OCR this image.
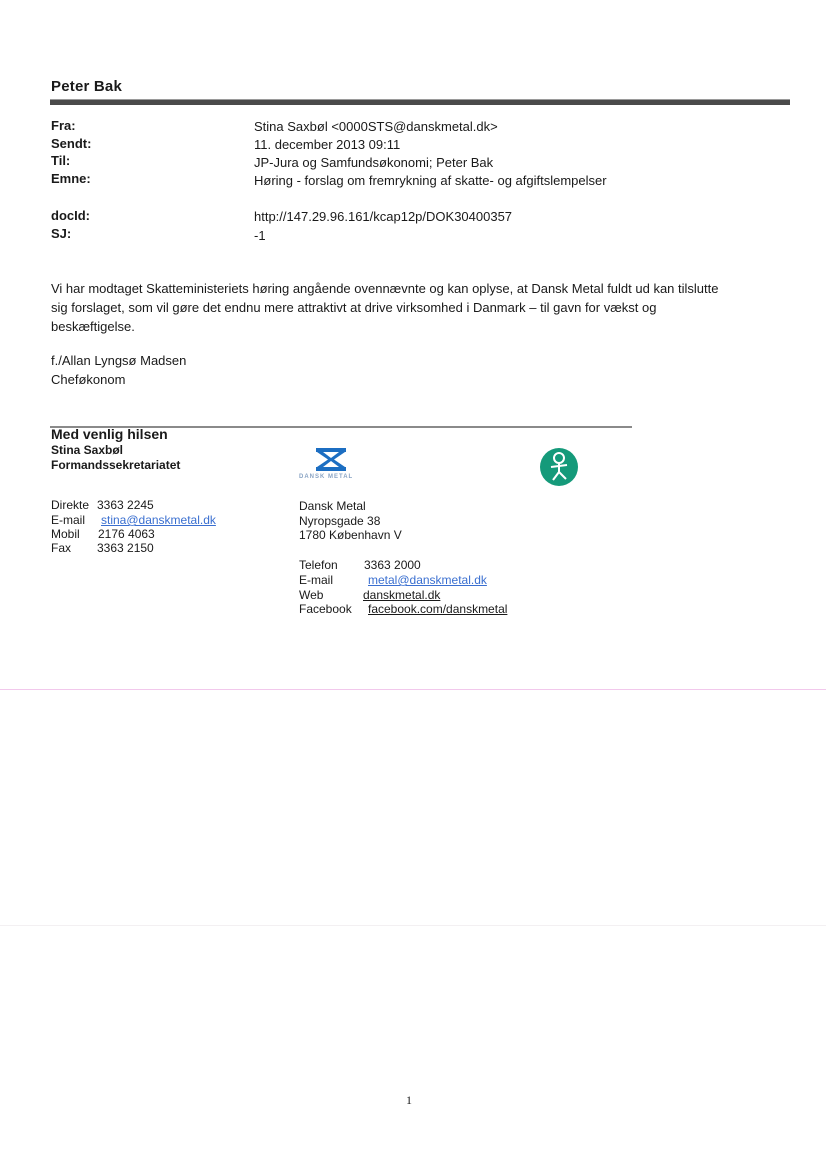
Peter Bak
Fra:	Stina Saxbøl <0000STS@danskmetal.dk>
Sendt:	11. december 2013 09:11
Til:	JP-Jura og Samfundsøkonomi; Peter Bak
Emne:	Høring - forslag om fremrykning af skatte- og afgiftslempelser
docId:	http://147.29.96.161/kcap12p/DOK30400357
SJ:	-1
Vi har modtaget Skatteministeriets høring angående ovennævnte og kan oplyse, at Dansk Metal fuldt ud kan tilslutte
sig forslaget, som vil gøre det endnu mere attraktivt at drive virksomhed i Danmark – til gavn for vækst og
beskæftigelse.
f./Allan Lyngsø Madsen
Cheføkonom
Med venlig hilsen
Stina Saxbøl
Formandssekretariatet
DANSK METAL
Direkte 3363 2245
E-mail stina@danskmetal.dk
Mobil 2176 4063
Fax 3363 2150
Dansk Metal
Nyropsgade 38
1780 København V
Telefon 3363 2000
E-mail	metal@danskmetal.dk
Web	danskmetal.dk
Facebook facebook.com/danskmetal
1
